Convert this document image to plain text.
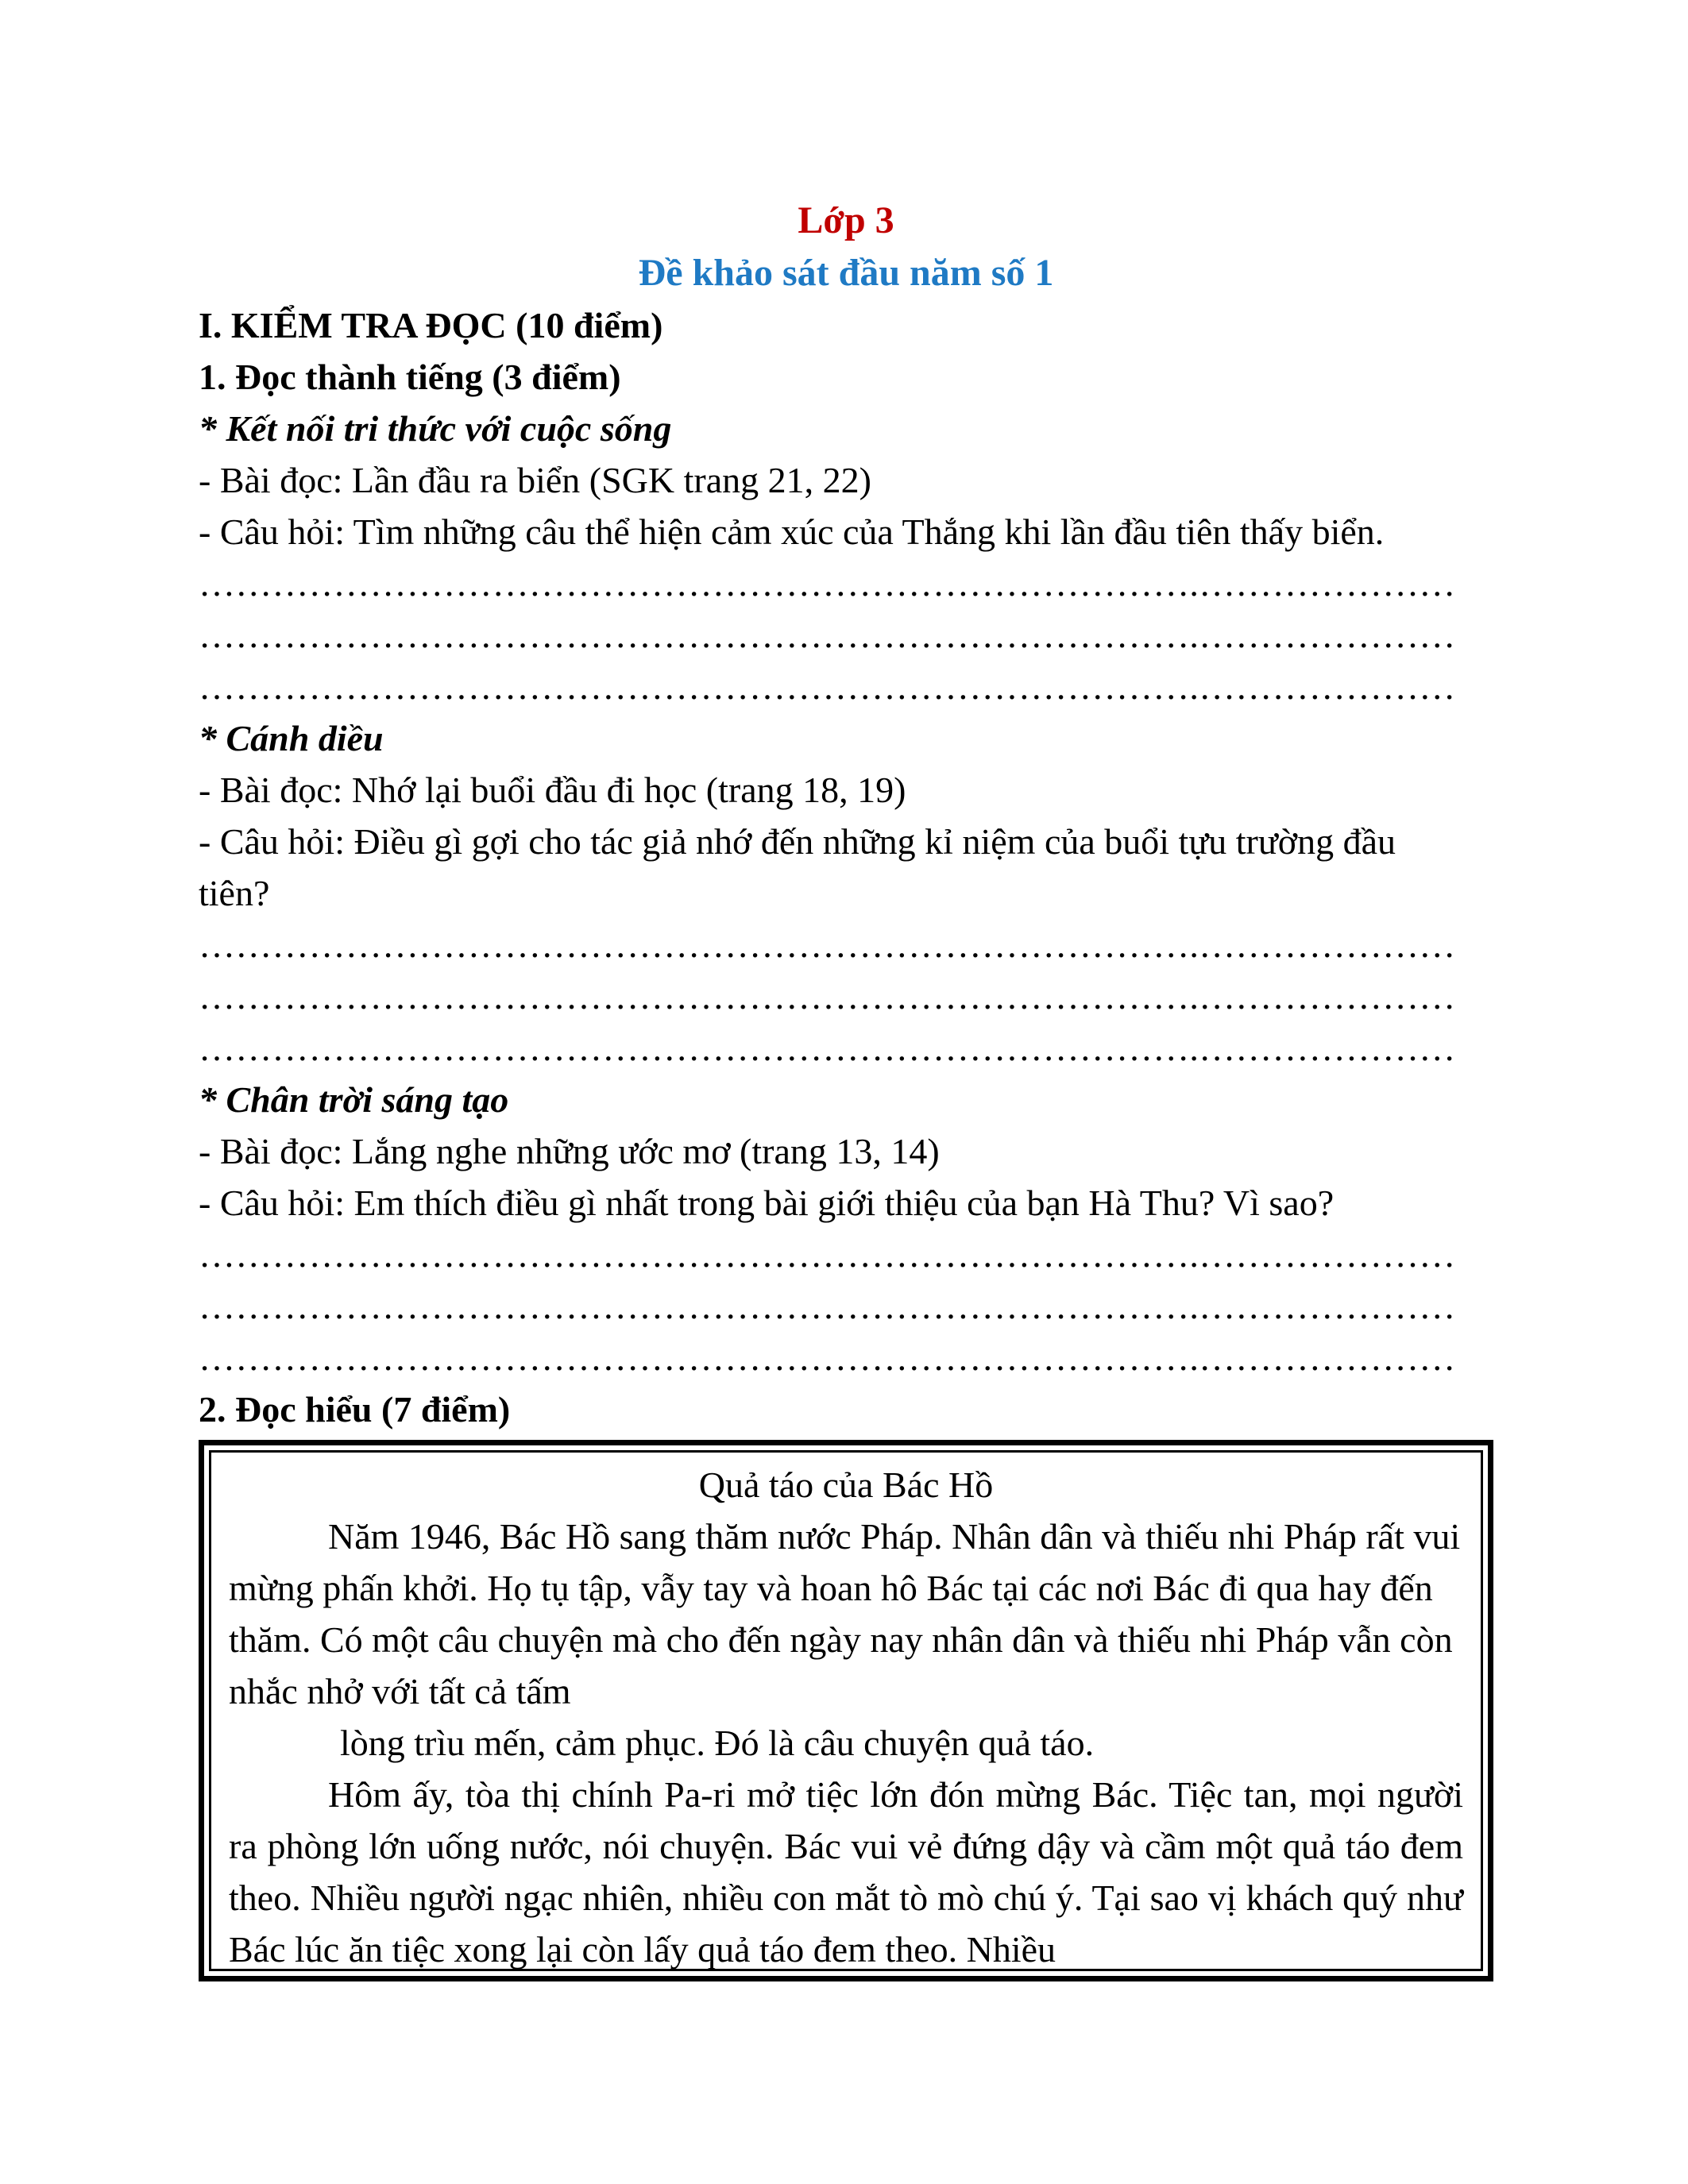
Lớp 3
Đề khảo sát đầu năm số 1
I. KIỂM TRA ĐỌC (10 điểm)
1. Đọc thành tiếng (3 điểm)
* Kết nối tri thức với cuộc sống
- Bài đọc: Lần đầu ra biển (SGK trang 21, 22)
- Câu hỏi: Tìm những câu thể hiện cảm xúc của Thắng khi lần đầu tiên thấy biển.
……………………………………………………………………….…………………
……………………………………………………………………….…………………
……………………………………………………………………….…………………
* Cánh diều
- Bài đọc: Nhớ lại buổi đầu đi học (trang 18, 19)
- Câu hỏi: Điều gì gợi cho tác giả nhớ đến những kỉ niệm của buổi tựu trường đầu
tiên?
……………………………………………………………………….…………………
……………………………………………………………………….…………………
……………………………………………………………………….…………………
* Chân trời sáng tạo
- Bài đọc: Lắng nghe những ước mơ (trang 13, 14)
- Câu hỏi: Em thích điều gì nhất trong bài giới thiệu của bạn Hà Thu? Vì sao?
……………………………………………………………………….…………………
……………………………………………………………………….…………………
……………………………………………………………………….…………………
2. Đọc hiểu (7 điểm)
Quả táo của Bác Hồ
Năm 1946, Bác Hồ sang thăm nước Pháp. Nhân dân và thiếu nhi Pháp rất vui mừng phấn khởi. Họ tụ tập, vẫy tay và hoan hô Bác tại các nơi Bác đi qua hay đến thăm. Có một câu chuyện mà cho đến ngày nay nhân dân và thiếu nhi Pháp vẫn còn nhắc nhở với tất cả tấm
lòng trìu mến, cảm phục. Đó là câu chuyện quả táo.
Hôm ấy, tòa thị chính Pa-ri mở tiệc lớn đón mừng Bác. Tiệc tan, mọi người ra phòng lớn uống nước, nói chuyện. Bác vui vẻ đứng dậy và cầm một quả táo đem theo. Nhiều người ngạc nhiên, nhiều con mắt tò mò chú ý. Tại sao vị khách quý như Bác lúc ăn tiệc xong lại còn lấy quả táo đem theo. Nhiều
